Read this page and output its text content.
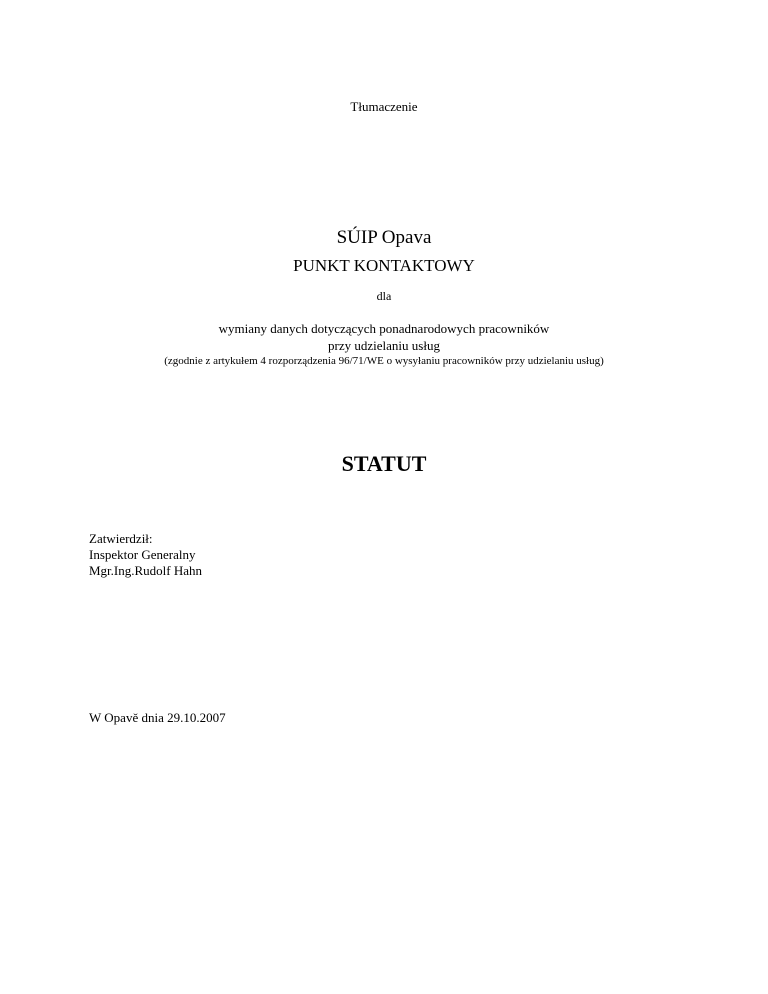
Tłumaczenie
SÚIP Opava
PUNKT KONTAKTOWY
dla
wymiany danych dotyczących ponadnarodowych pracowników
przy udzielaniu usług
(zgodnie z artykułem 4 rozporządzenia 96/71/WE o wysyłaniu pracowników przy udzielaniu usług)
STATUT
Zatwierdził:
Inspektor Generalny
Mgr.Ing.Rudolf Hahn
W Opavě dnia 29.10.2007
